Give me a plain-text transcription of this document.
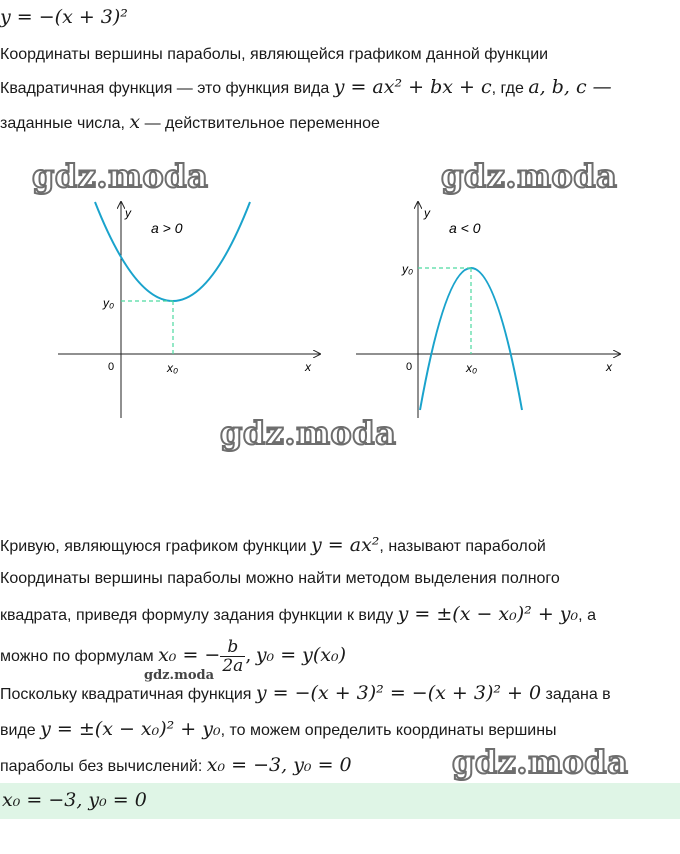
y = −(x + 3)²
Координаты вершины параболы, являющейся графиком данной функции
Квадратичная функция — это функция вида y = ax² + bx + c, где a, b, c —
заданные числа, x — действительное переменное
a > 0
y
x
0	x₀
y₀
a < 0
y
x
0	x₀
y₀
gdz.moda	gdz.moda
gdz.moda
gdz.moda
gdz.moda
Кривую, являющуюся графиком функции y = ax², называют параболой
Координаты вершины параболы можно найти методом выделения полного
квадрата, приведя формулу задания функции к виду y = ±(x − x₀)² + y₀, а
можно по формулам x₀ = − $\frac{b}{2a}$ , y₀ = y(x₀)
Поскольку квадратичная функция y = −(x + 3)² = −(x + 3)² + 0 задана в
виде y = ±(x − x₀)² + y₀, то можем определить координаты вершины
параболы без вычислений: x₀ = −3, y₀ = 0
x₀ = −3, y₀ = 0
